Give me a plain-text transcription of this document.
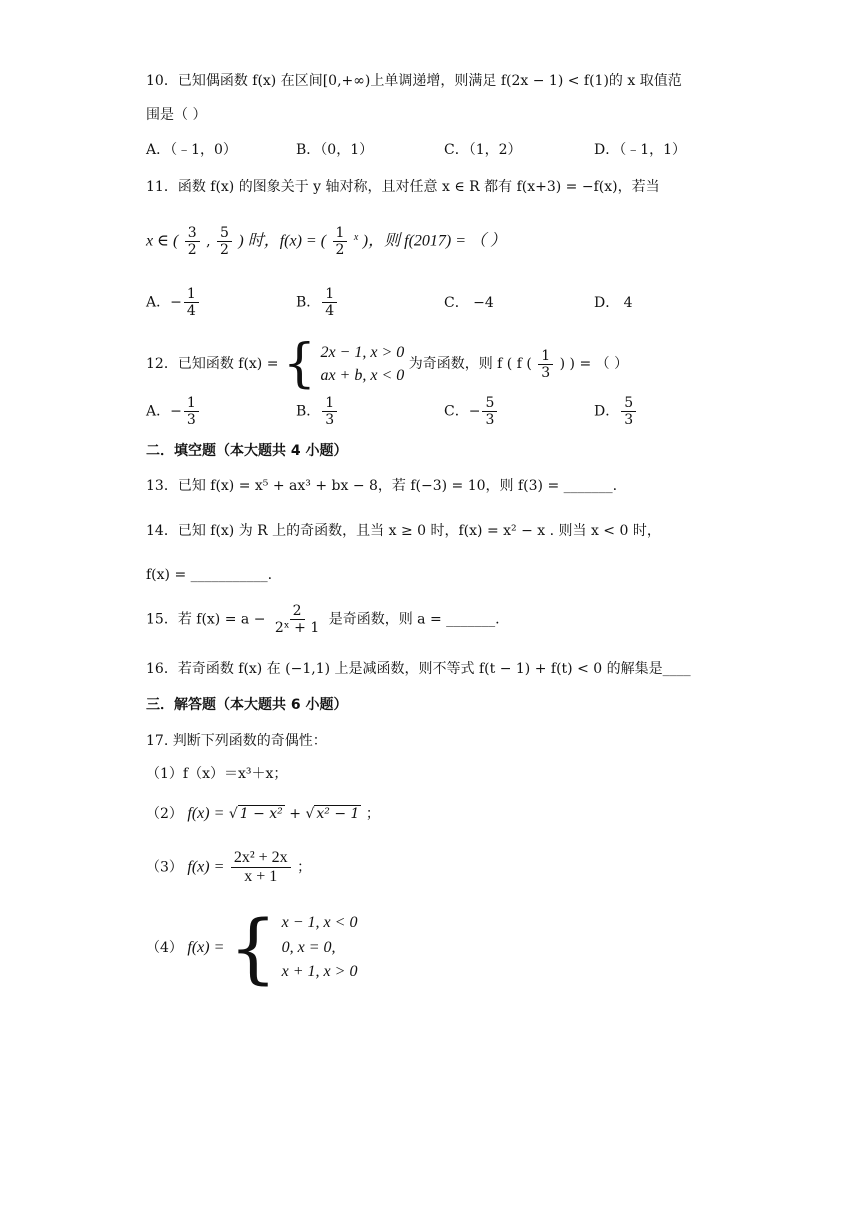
10．已知偶函数 f(x) 在区间[0,+∞)上单调递增，则满足 f(2x − 1) < f(1)的 x 取值范
围是（ ）
A．（﹣1，0）	B．（0，1）	C．（1，2）	D．（﹣1，1）
11．函数 f(x) 的图象关于 y 轴对称，且对任意 x ∈ R 都有 f(x+3) = −f(x)，若当
x ∈ ( $\frac{3}{2}$ , $\frac{5}{2}$ ) 时，f(x) = ( $\frac{1}{2} ^x$ )，则 f(2017) = （ ）
A．− $\frac{1}{4}$	B． $\frac{1}{4}$	C． −4	D． 4
12．已知函数 f(x) = { 2x − 1, x > 0
ax + b, x < 0
为奇函数，则 f ( f ( $\frac{1}{3}$ ) ) = （ ）
A．− $\frac{1}{3}$	B． $\frac{1}{3}$	C．− $\frac{5}{3}$	D． $\frac{5}{3}$
二．填空题（本大题共 4 小题）
13．已知 f(x) = x⁵ + ax³ + bx − 8，若 f(−3) = 10，则 f(3) = _______.
14．已知 f(x) 为 R 上的奇函数，且当 x ≥ 0 时，f(x) = x² − x . 则当 x < 0 时，
f(x) = ___________.
15．若 $f(x) = a - \frac{2}{\text{2ˣ + 1}}$ 是奇函数，则 a = _______.
16．若奇函数 f(x) 在 (−1,1) 上是减函数，则不等式 f(t − 1) + f(t) < 0 的解集是____
三．解答题（本大题共 6 小题）
17. 判断下列函数的奇偶性：
（1）f（x）＝x³＋x；
（2） f(x) = √ 1 − x² + √ x² − 1 ；
（3） $f(x) = \frac{\text{2x² + 2x}}{x + 1}$ ；
（4） f(x) = { x − 1, x < 0
0, x = 0,
x + 1, x > 0
